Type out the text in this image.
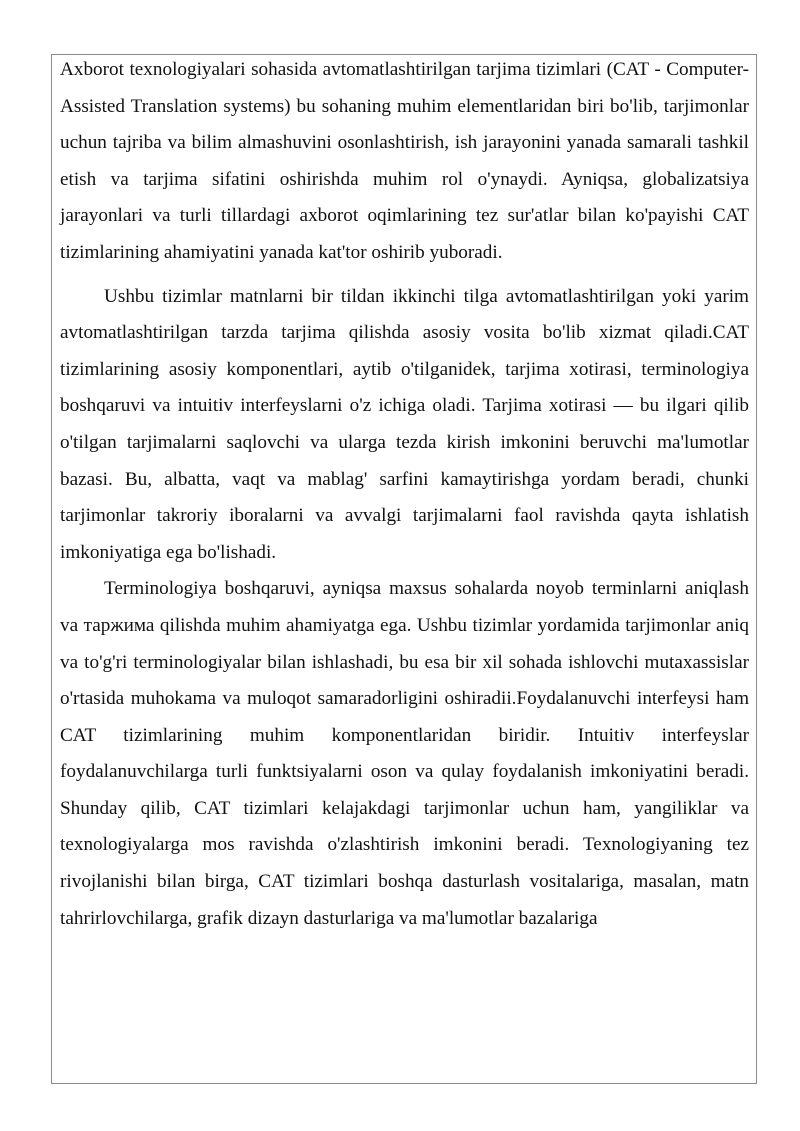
Axborot texnologiyalari sohasida avtomatlashtirilgan tarjima tizimlari (CAT - Computer-Assisted Translation systems) bu sohaning muhim elementlaridan biri bo'lib, tarjimonlar uchun tajriba va bilim almashuvini osonlashtirish, ish jarayonini yanada samarali tashkil etish va tarjima sifatini oshirishda muhim rol o'ynaydi. Ayniqsa, globalizatsiya jarayonlari va turli tillardagi axborot oqimlarining tez sur'atlar bilan ko'payishi CAT tizimlarining ahamiyatini yanada kat'tor oshirib yuboradi.

Ushbu tizimlar matnlarni bir tildan ikkinchi tilga avtomatlashtirilgan yoki yarim avtomatlashtirilgan tarzda tarjima qilishda asosiy vosita bo'lib xizmat qiladi.CAT tizimlarining asosiy komponentlari, aytib o'tilganidek, tarjima xotirasi, terminologiya boshqaruvi va intuitiv interfeyslarni o'z ichiga oladi. Tarjima xotirasi — bu ilgari qilib o'tilgan tarjimalarni saqlovchi va ularga tezda kirish imkonini beruvchi ma'lumotlar bazasi. Bu, albatta, vaqt va mablag' sarfini kamaytirishga yordam beradi, chunki tarjimonlar takroriy iboralarni va avvalgi tarjimalarni faol ravishda qayta ishlatish imkoniyatiga ega bo'lishadi.

Terminologiya boshqaruvi, ayniqsa maxsus sohalarda noyob terminlarni aniqlash va таржима qilishda muhim ahamiyatga ega. Ushbu tizimlar yordamida tarjimonlar aniq va to'g'ri terminologiyalar bilan ishlashadi, bu esa bir xil sohada ishlovchi mutaxassislar o'rtasida muhokama va muloqot samaradorligini oshiradii.Foydalanuvchi interfeysi ham CAT tizimlarining muhim komponentlaridan biridir. Intuitiv interfeyslar foydalanuvchilarga turli funktsiyalarni oson va qulay foydalanish imkoniyatini beradi. Shunday qilib, CAT tizimlari kelajakdagi tarjimonlar uchun ham, yangiliklar va texnologiyalarga mos ravishda o'zlashtirish imkonini beradi. Texnologiyaning tez rivojlanishi bilan birga, CAT tizimlari boshqa dasturlash vositalariga, masalan, matn tahrirlovchilarga, grafik dizayn dasturlariga va ma'lumotlar bazalariga
